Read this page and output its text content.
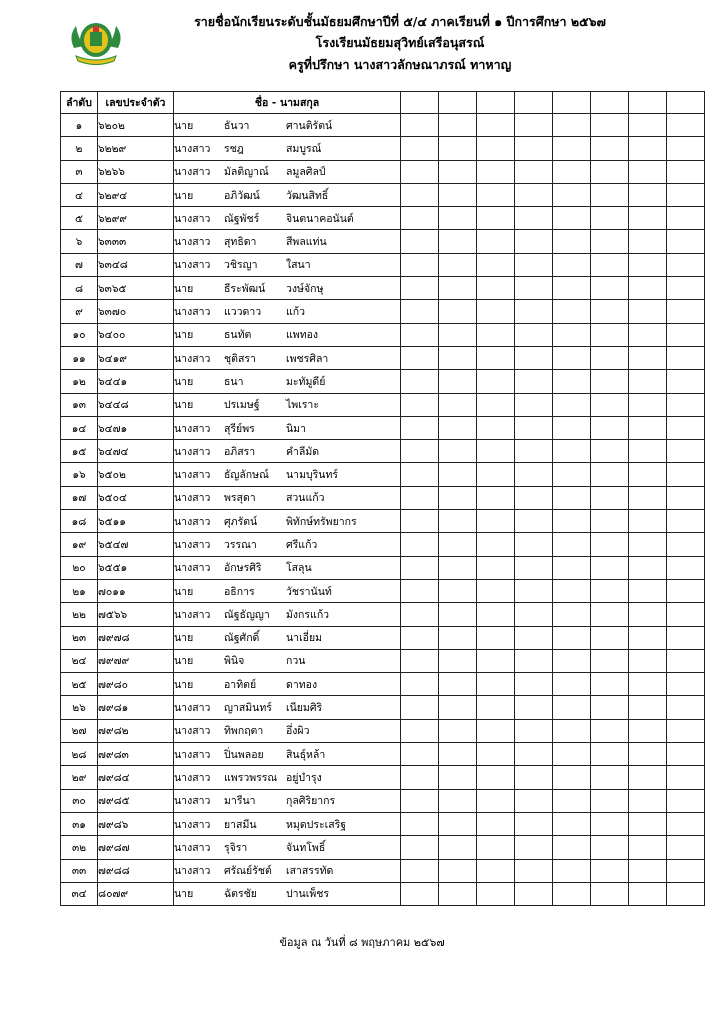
รายชื่อนักเรียนระดับชั้นมัธยมศึกษาปีที่ ๕/๔ ภาคเรียนที่ ๑ ปีการศึกษา ๒๕๖๗
โรงเรียนมัธยมสุวิทย์เสรีอนุสรณ์
ครูที่ปรึกษา นางสาวลักษณาภรณ์ ทาหาญ
ลำดับ	เลขประจำตัว	ชื่อ - นามสกุล								
๑	๖๒๐๒	นาย ธันวา ศานติรัตน์								

๒	๖๒๒๙	นางสาว รชฎ สมบูรณ์								

๓	๖๒๖๖	นางสาว มัลติญาณ์ ลมูลศิลป์								

๔	๖๒๙๔	นาย อภิวัฒน์ วัฒนสิทธิ์								

๕	๖๒๙๙	นางสาว ณัฐพัชร์ จินตนาคอนันต์								

๖	๖๓๓๓	นางสาว สุทธิดา สีพลแท่น								

๗	๖๓๔๘	นางสาว วชิรญา ใสนา								

๘	๖๓๖๕	นาย ธีระพัฒน์ วงษ์จักษุ								

๙	๖๓๗๐	นางสาว แววดาว แก้ว								

๑๐	๖๔๐๐	นาย ธนทัต แพทอง								

๑๑	๖๔๑๙	นางสาว ชุติสรา เพชรศิลา								

๑๒	๖๔๔๑	นาย ธนา มะทัมูดีย์								

๑๓	๖๔๔๘	นาย ปรเมษฐ์ ไพเราะ								

๑๔	๖๔๗๑	นางสาว สุรีย์พร นิมา								

๑๕	๖๔๗๔	นางสาว อภิสรา คำลีมัด								

๑๖	๖๕๐๒	นางสาว ธัญลักษณ์ นามบุรินทร์								

๑๗	๖๕๐๔	นางสาว พรสุดา สวนแก้ว								

๑๘	๖๕๑๑	นางสาว ศุภรัตน์ พิทักษ์ทรัพยากร								

๑๙	๖๕๔๗	นางสาว วรรณา ศรีแก้ว								

๒๐	๖๕๕๑	นางสาว อักษรศิริ โสลุน								

๒๑	๗๐๑๑	นาย อธิการ วัชรานันท์								

๒๒	๗๕๖๖	นางสาว ณัฐธัญญา มังกรแก้ว								

๒๓	๗๙๗๘	นาย ณัฐศักดิ์ นาเอี่ยม								

๒๔	๗๙๗๙	นาย พินิจ กวน								

๒๕	๗๙๘๐	นาย อาทิตย์ ดาทอง								

๒๖	๗๙๘๑	นางสาว ญาสมินทร์ เนียมศิริ								

๒๗	๗๙๘๒	นางสาว ทิพกฤตา อึ่งผิว								

๒๘	๗๙๘๓	นางสาว ปิ่นพลอย สินธุ์หล้า								

๒๙	๗๙๘๔	นางสาว แพรวพรรณ อยู่บำรุง								

๓๐	๗๙๘๕	นางสาว มารีนา กุลศิริยากร								

๓๑	๗๙๘๖	นางสาว ยาสมีน หมุดประเสริฐ								

๓๒	๗๙๘๗	นางสาว รุจิรา จันทโพธิ์								

๓๓	๗๙๘๘	นางสาว ศรัณย์รัชต์ เสาสรรทัด								

๓๔	๘๐๗๙	นาย ฉัตรชัย ปานเพ็ชร								

ข้อมูล ณ วันที่ ๘ พฤษภาคม ๒๕๖๗
